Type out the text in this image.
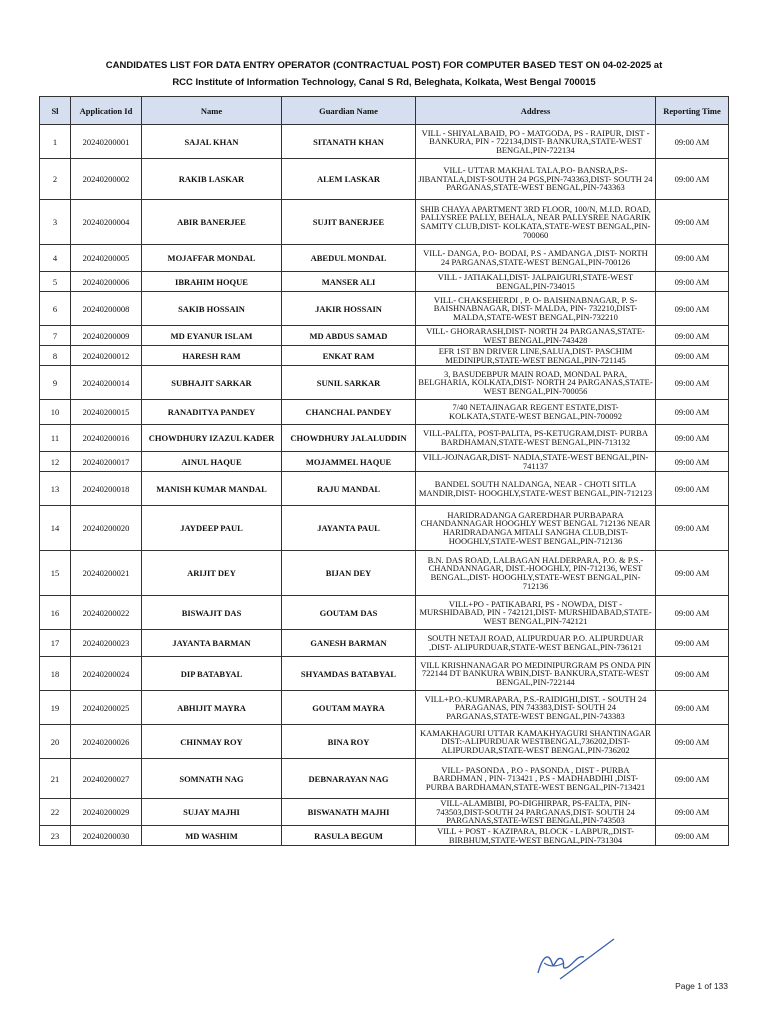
CANDIDATES LIST FOR DATA ENTRY OPERATOR (CONTRACTUAL POST) FOR COMPUTER BASED TEST ON 04-02-2025 at
RCC Institute of Information Technology, Canal S Rd, Beleghata, Kolkata, West Bengal 700015
Sl	Application Id	Name	Guardian Name	Address	Reporting Time
1	20240200001	SAJAL KHAN	SITANATH KHAN	VILL - SHIYALABAID, PO - MATGODA, PS - RAIPUR, DIST - BANKURA, PIN - 722134,DIST- BANKURA,STATE-WEST BENGAL,PIN-722134	09:00 AM
2	20240200002	RAKIB LASKAR	ALEM LASKAR	VILL- UTTAR MAKHAL TALA,P.O- BANSRA,P.S- JIBANTALA,DIST-SOUTH 24 PGS,PIN-743363,DIST- SOUTH 24 PARGANAS,STATE-WEST BENGAL,PIN-743363	09:00 AM
3	20240200004	ABIR BANERJEE	SUJIT BANERJEE	SHIB CHAYA APARTMENT 3RD FLOOR, 100/N, M.I.D. ROAD, PALLYSREE PALLY, BEHALA, NEAR PALLYSREE NAGARIK SAMITY CLUB,DIST- KOLKATA,STATE-WEST BENGAL,PIN-700060	09:00 AM
4	20240200005	MOJAFFAR MONDAL	ABEDUL MONDAL	VILL- DANGA, P.O- BODAI, P.S - AMDANGA ,DIST- NORTH 24 PARGANAS,STATE-WEST BENGAL,PIN-700126	09:00 AM
5	20240200006	IBRAHIM HOQUE	MANSER ALI	VILL - JATIAKALI,DIST- JALPAIGURI,STATE-WEST BENGAL,PIN-734015	09:00 AM
6	20240200008	SAKIB HOSSAIN	JAKIR HOSSAIN	VILL- CHAKSEHERDI , P. O- BAISHNABNAGAR, P. S- BAISHNABNAGAR, DIST- MALDA, PIN- 732210,DIST- MALDA,STATE-WEST BENGAL,PIN-732210	09:00 AM
7	20240200009	MD EYANUR ISLAM	MD ABDUS SAMAD	VILL- GHORARASH,DIST- NORTH 24 PARGANAS,STATE-WEST BENGAL,PIN-743428	09:00 AM
8	20240200012	HARESH RAM	ENKAT RAM	EFR 1ST BN DRIVER LINE,SALUA,DIST- PASCHIM MEDINIPUR,STATE-WEST BENGAL,PIN-721145	09:00 AM
9	20240200014	SUBHAJIT SARKAR	SUNIL SARKAR	3, BASUDEBPUR MAIN ROAD, MONDAL PARA, BELGHARIA, KOLKATA,DIST- NORTH 24 PARGANAS,STATE-WEST BENGAL,PIN-700056	09:00 AM
10	20240200015	RANADITYA PANDEY	CHANCHAL PANDEY	7/40 NETAJINAGAR REGENT ESTATE,DIST- KOLKATA,STATE-WEST BENGAL,PIN-700092	09:00 AM
11	20240200016	CHOWDHURY IZAZUL KADER	CHOWDHURY JALALUDDIN	VILL-PALITA, POST-PALITA, PS-KETUGRAM,DIST- PURBA BARDHAMAN,STATE-WEST BENGAL,PIN-713132	09:00 AM
12	20240200017	AINUL HAQUE	MOJAMMEL HAQUE	VILL-JOJNAGAR,DIST- NADIA,STATE-WEST BENGAL,PIN-741137	09:00 AM
13	20240200018	MANISH KUMAR MANDAL	RAJU MANDAL	BANDEL SOUTH NALDANGA, NEAR - CHOTI SITLA MANDIR,DIST- HOOGHLY,STATE-WEST BENGAL,PIN-712123	09:00 AM
14	20240200020	JAYDEEP PAUL	JAYANTA PAUL	HARIDRADANGA GARERDHAR PURBAPARA CHANDANNAGAR HOOGHLY WEST BENGAL 712136 NEAR HARIDRADANGA MITALI SANGHA CLUB,DIST- HOOGHLY,STATE-WEST BENGAL,PIN-712136	09:00 AM
15	20240200021	ARIJIT DEY	BIJAN DEY	B.N. DAS ROAD, LALBAGAN HALDERPARA, P.O. & P.S.- CHANDANNAGAR, DIST.-HOOGHLY, PIN-712136, WEST BENGAL.,DIST- HOOGHLY,STATE-WEST BENGAL,PIN-712136	09:00 AM
16	20240200022	BISWAJIT DAS	GOUTAM DAS	VILL+PO - PATIKABARI, PS - NOWDA, DIST - MURSHIDABAD, PIN - 742121,DIST- MURSHIDABAD,STATE-WEST BENGAL,PIN-742121	09:00 AM
17	20240200023	JAYANTA BARMAN	GANESH BARMAN	SOUTH NETAJI ROAD, ALIPURDUAR P.O. ALIPURDUAR ,DIST- ALIPURDUAR,STATE-WEST BENGAL,PIN-736121	09:00 AM
18	20240200024	DIP BATABYAL	SHYAMDAS BATABYAL	VILL KRISHNANAGAR PO MEDINIPURGRAM PS ONDA PIN 722144 DT BANKURA WBIN,DIST- BANKURA,STATE-WEST BENGAL,PIN-722144	09:00 AM
19	20240200025	ABHIJIT MAYRA	GOUTAM MAYRA	VILL+P.O.-KUMRAPARA, P.S.-RAIDIGHI,DIST. - SOUTH 24 PARAGANAS, PIN 743383,DIST- SOUTH 24 PARGANAS,STATE-WEST BENGAL,PIN-743383	09:00 AM
20	20240200026	CHINMAY ROY	BINA ROY	KAMAKHAGURI UTTAR KAMAKHYAGURI SHANTINAGAR DIST:-ALIPURDUAR WESTBENGAL,736202,DIST- ALIPURDUAR,STATE-WEST BENGAL,PIN-736202	09:00 AM
21	20240200027	SOMNATH NAG	DEBNARAYAN NAG	VILL- PASONDA , P.O - PASONDA , DIST - PURBA BARDHMAN , PIN- 713421 , P.S - MADHABDIHI ,DIST- PURBA BARDHAMAN,STATE-WEST BENGAL,PIN-713421	09:00 AM
22	20240200029	SUJAY MAJHI	BISWANATH MAJHI	VILL-ALAMBIBI, PO-DIGHIRPAR, PS-FALTA, PIN-743503,DIST-SOUTH 24 PARGANAS,DIST- SOUTH 24 PARGANAS,STATE-WEST BENGAL,PIN-743503	09:00 AM
23	20240200030	MD WASHIM	RASULA BEGUM	VILL + POST - KAZIPARA, BLOCK - LABPUR,,DIST- BIRBHUM,STATE-WEST BENGAL,PIN-731304	09:00 AM
Page 1 of 133
